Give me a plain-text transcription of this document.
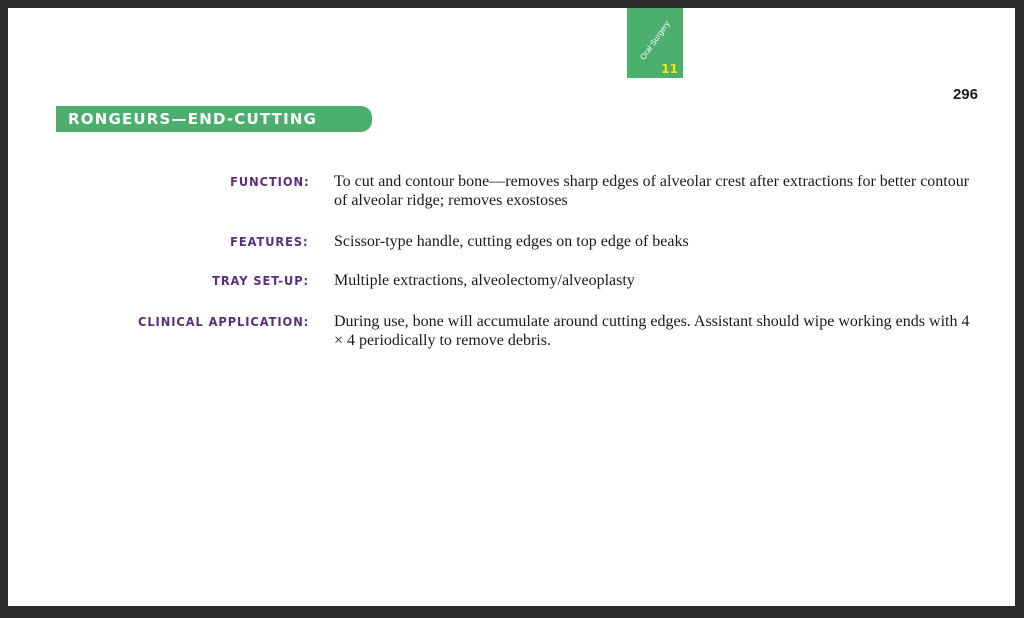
Oral Surgery
11
296
RONGEURS—END-CUTTING
FUNCTION: To cut and contour bone—removes sharp edges of alveolar crest after extractions for better contour of alveolar ridge; removes exostoses
FEATURES: Scissor-type handle, cutting edges on top edge of beaks
TRAY SET-UP: Multiple extractions, alveolectomy/alveoplasty
CLINICAL APPLICATION: During use, bone will accumulate around cutting edges. Assistant should wipe working ends with 4 × 4 periodically to remove debris.
